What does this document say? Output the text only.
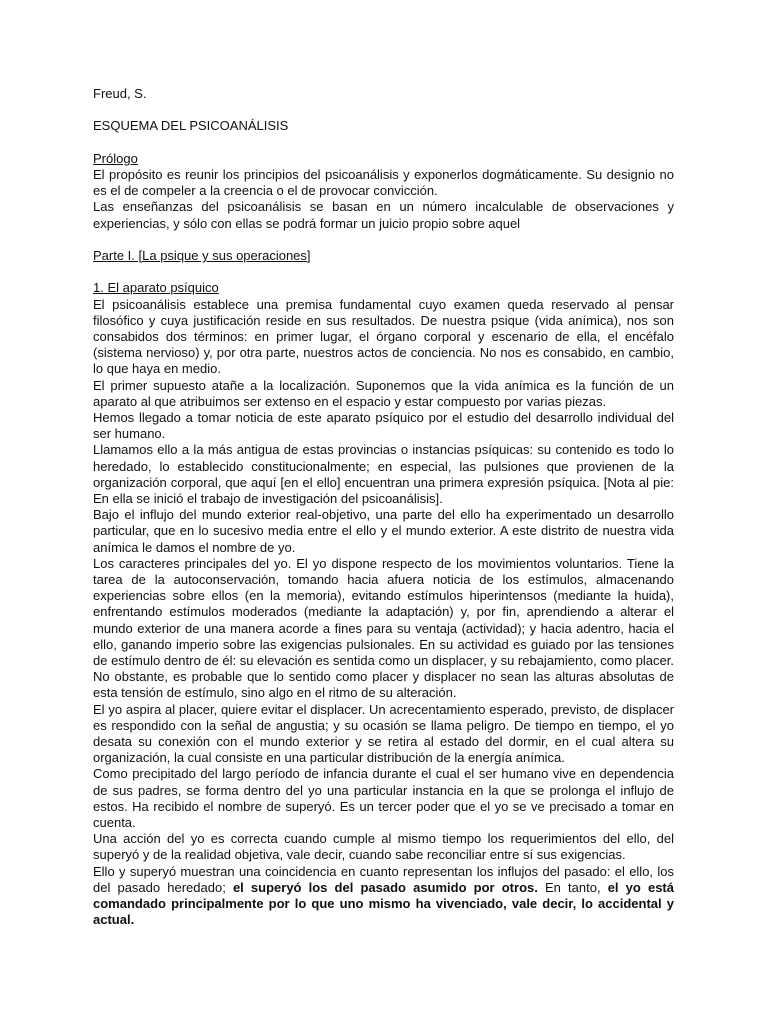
Freud, S.

ESQUEMA DEL PSICOANÁLISIS

Prólogo

El propósito es reunir los principios del psicoanálisis y exponerlos dogmáticamente. Su designio no es el de compeler a la creencia o el de provocar convicción.

Las enseñanzas del psicoanálisis se basan en un número incalculable de observaciones y experiencias, y sólo con ellas se podrá formar un juicio propio sobre aquel

Parte I. [La psique y sus operaciones]

1. El aparato psíquico

El psicoanálisis establece una premisa fundamental cuyo examen queda reservado al pensar filosófico y cuya justificación reside en sus resultados. De nuestra psique (vida anímica), nos son consabidos dos términos: en primer lugar, el órgano corporal y escenario de ella, el encéfalo (sistema nervioso) y, por otra parte, nuestros actos de conciencia. No nos es consabido, en cambio, lo que haya en medio.

El primer supuesto atañe a la localización. Suponemos que la vida anímica es la función de un aparato al que atribuimos ser extenso en el espacio y estar compuesto por varias piezas.

Hemos llegado a tomar noticia de este aparato psíquico por el estudio del desarrollo individual del ser humano.

Llamamos ello a la más antigua de estas provincias o instancias psíquicas: su contenido es todo lo heredado, lo establecido constitucionalmente; en especial, las pulsiones que provienen de la organización corporal, que aquí [en el ello] encuentran una primera expresión psíquica. [Nota al pie: En ella se inició el trabajo de investigación del psicoanálisis].

Bajo el influjo del mundo exterior real-objetivo, una parte del ello ha experimentado un desarrollo particular, que en lo sucesivo media entre el ello y el mundo exterior. A este distrito de nuestra vida anímica le damos el nombre de yo.

Los caracteres principales del yo. El yo dispone respecto de los movimientos voluntarios. Tiene la tarea de la autoconservación, tomando hacia afuera noticia de los estímulos, almacenando experiencias sobre ellos (en la memoria), evitando estímulos hiperintensos (mediante la huida), enfrentando estímulos moderados (mediante la adaptación) y, por fin, aprendiendo a alterar el mundo exterior de una manera acorde a fines para su ventaja (actividad); y hacia adentro, hacia el ello, ganando imperio sobre las exigencias pulsionales. En su actividad es guiado por las tensiones de estímulo dentro de él: su elevación es sentida como un displacer, y su rebajamiento, como placer. No obstante, es probable que lo sentido como placer y displacer no sean las alturas absolutas de esta tensión de estímulo, sino algo en el ritmo de su alteración.

El yo aspira al placer, quiere evitar el displacer. Un acrecentamiento esperado, previsto, de displacer es respondido con la señal de angustia; y su ocasión se llama peligro. De tiempo en tiempo, el yo desata su conexión con el mundo exterior y se retira al estado del dormir, en el cual altera su organización, la cual consiste en una particular distribución de la energía anímica.

Como precipitado del largo período de infancia durante el cual el ser humano vive en dependencia de sus padres, se forma dentro del yo una particular instancia en la que se prolonga el influjo de estos. Ha recibido el nombre de superyó. Es un tercer poder que el yo se ve precisado a tomar en cuenta.

Una acción del yo es correcta cuando cumple al mismo tiempo los requerimientos del ello, del superyó y de la realidad objetiva, vale decir, cuando sabe reconciliar entre sí sus exigencias.

Ello y superyó muestran una coincidencia en cuanto representan los influjos del pasado: el ello, los del pasado heredado; el superyó los del pasado asumido por otros. En tanto, el yo está comandado principalmente por lo que uno mismo ha vivenciado, vale decir, lo accidental y actual.
